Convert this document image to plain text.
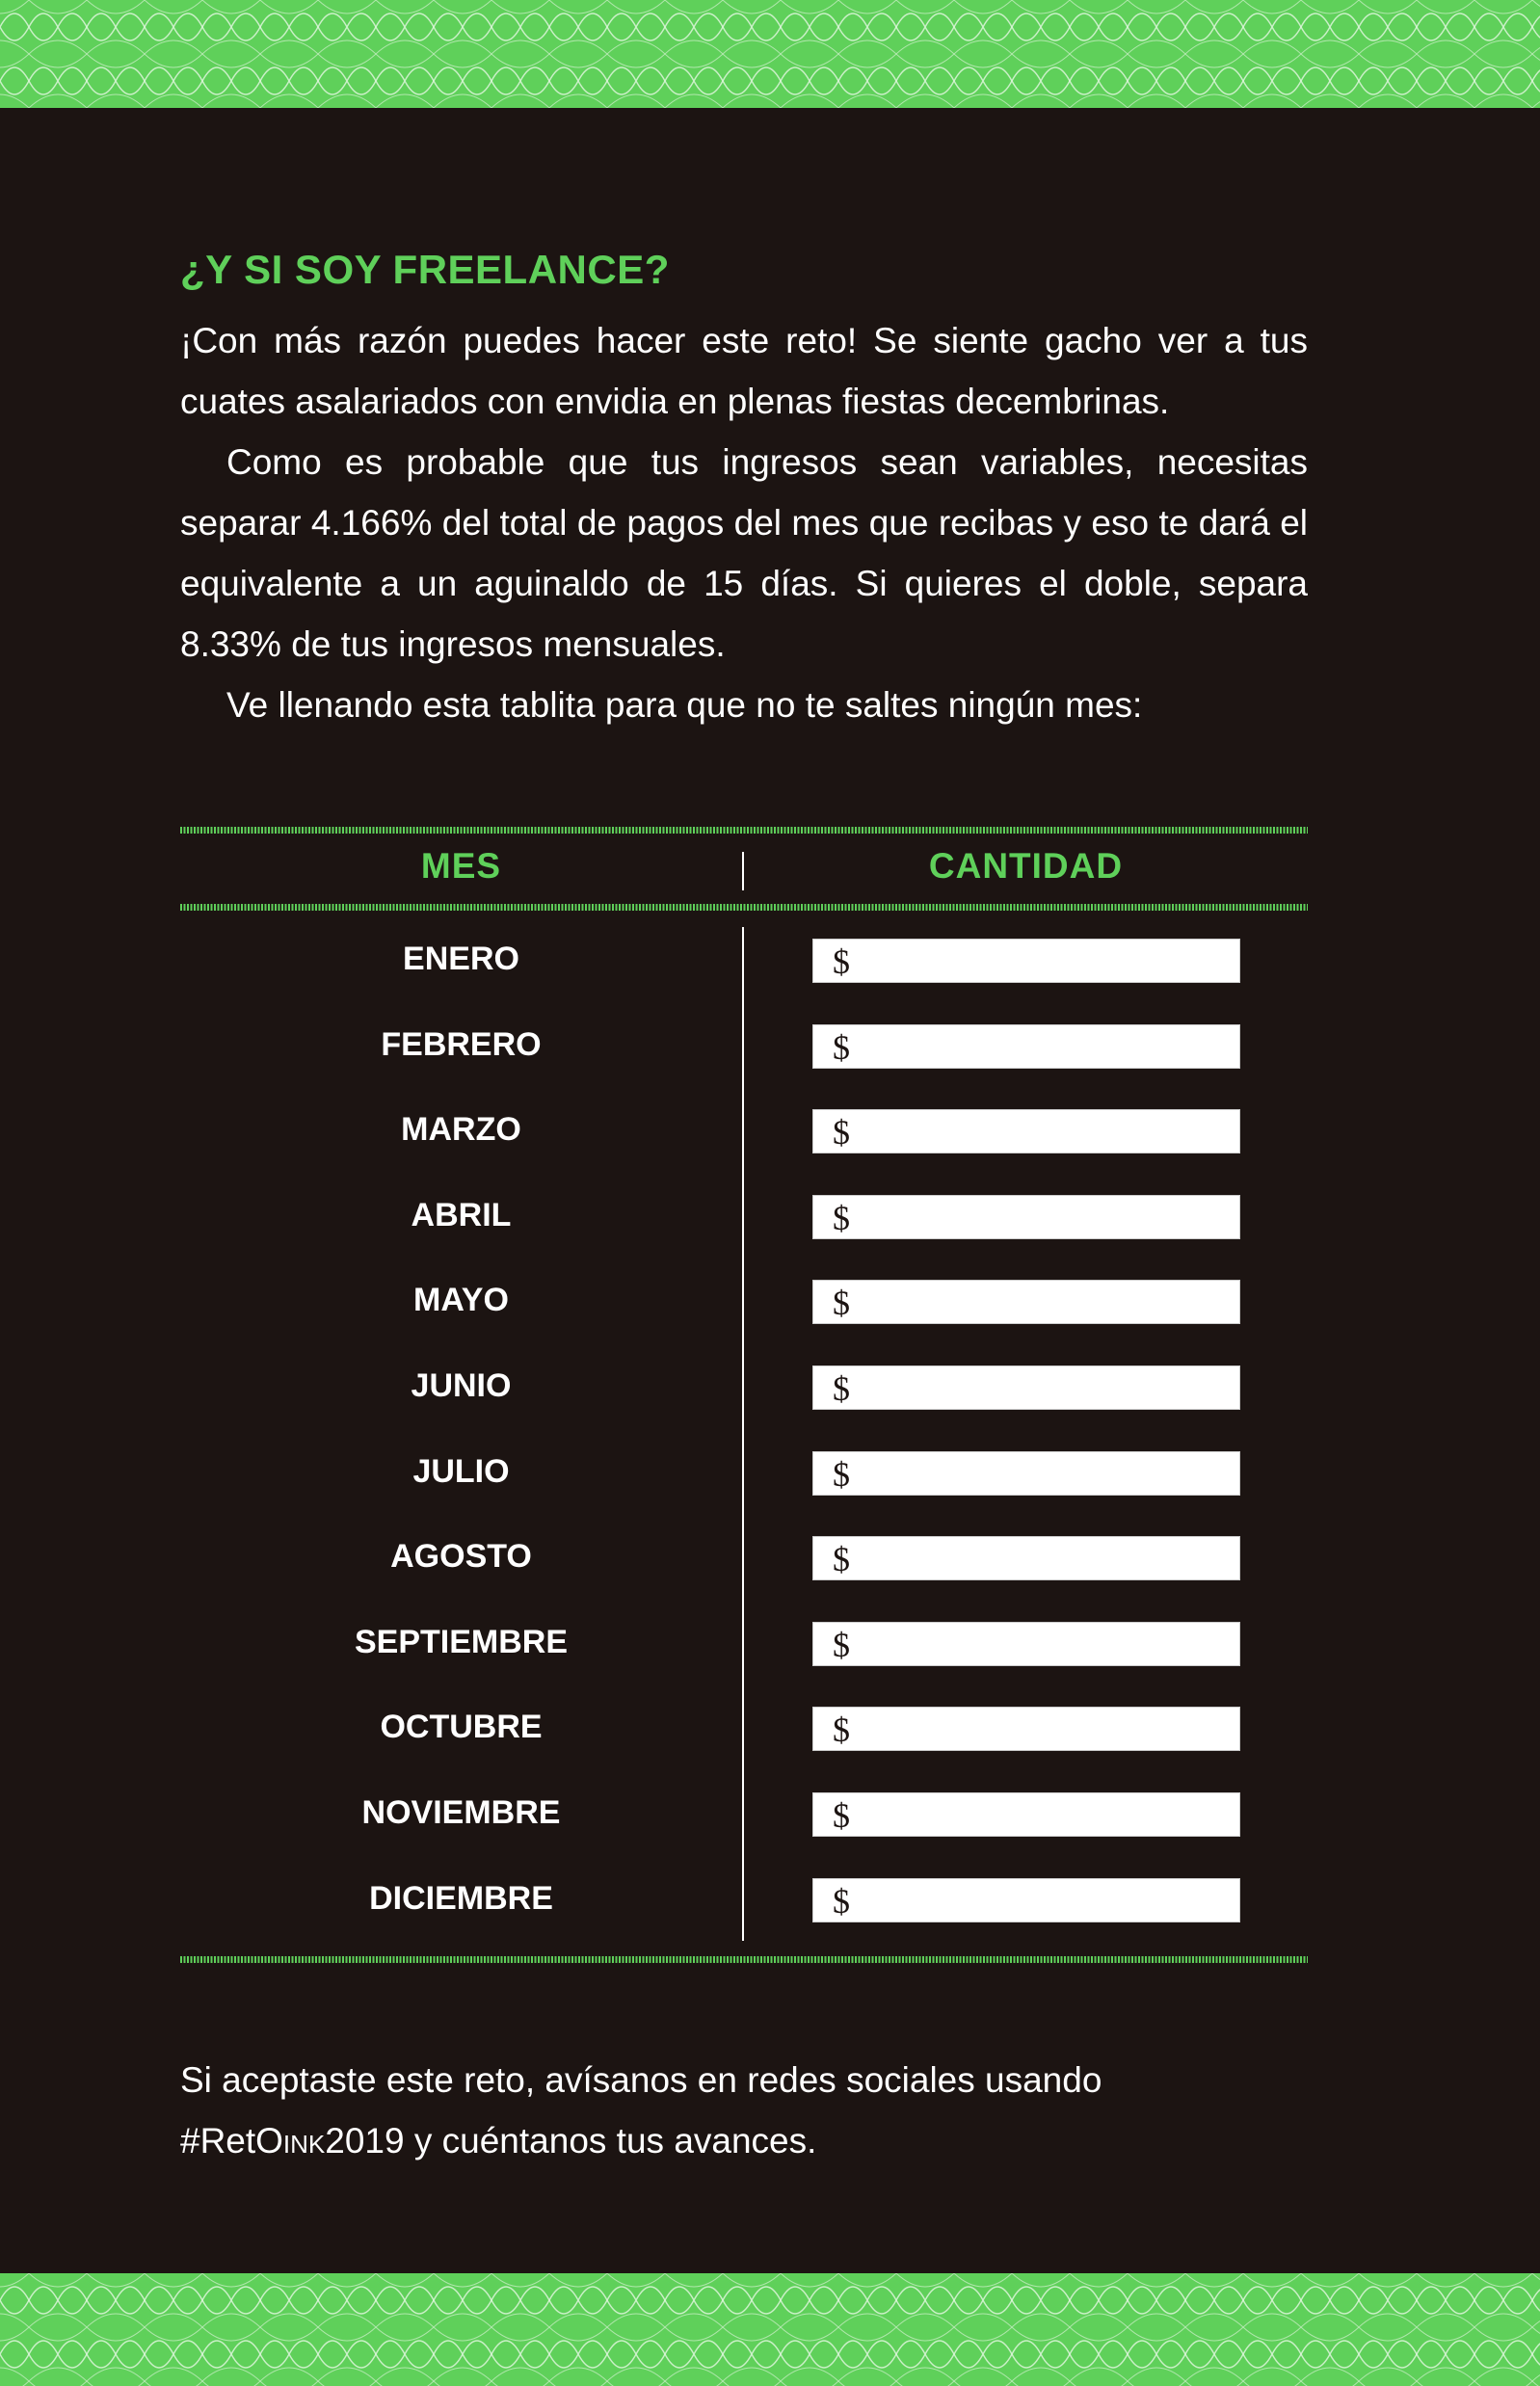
¿Y SI SOY FREELANCE?

¡Con más razón puedes hacer este reto! Se siente gacho ver a tus cuates asalariados con envidia en plenas fiestas decembrinas.

Como es probable que tus ingresos sean variables, necesitas separar 4.166% del total de pagos del mes que recibas y eso te dará el equivalente a un aguinaldo de 15 días. Si quieres el doble, separa 8.33% de tus ingresos mensuales.

Ve llenando esta tablita para que no te saltes ningún mes:

MES	CANTIDAD
ENERO	$
FEBRERO	$
MARZO	$
ABRIL	$
MAYO	$
JUNIO	$
JULIO	$
AGOSTO	$
SEPTIEMBRE	$
OCTUBRE	$
NOVIEMBRE	$
DICIEMBRE	$

Si aceptaste este reto, avísanos en redes sociales usando #RetOink2019 y cuéntanos tus avances.
